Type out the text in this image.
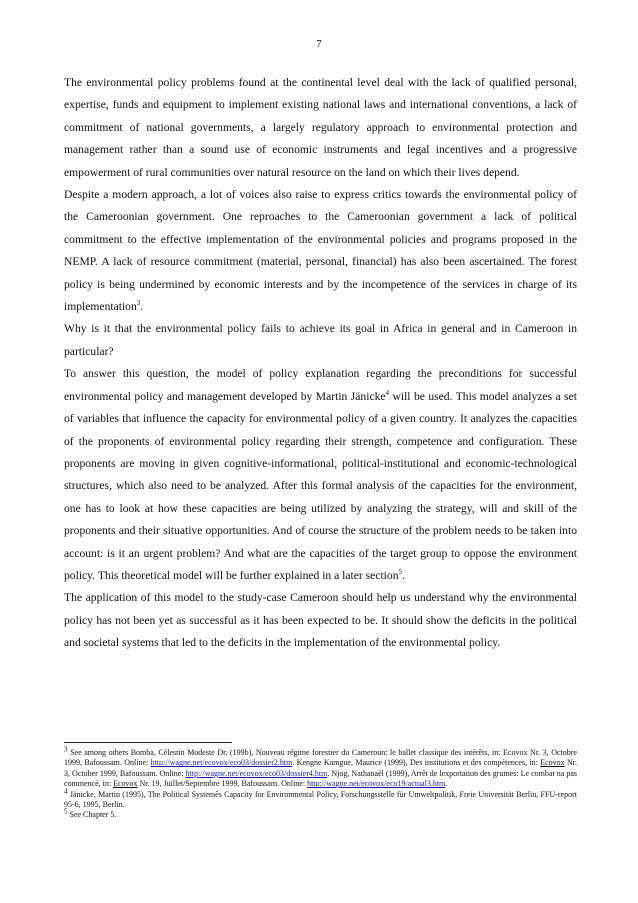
7

The environmental policy problems found at the continental level deal with the lack of qualified personal, expertise, funds and equipment to implement existing national laws and international conventions, a lack of commitment of national governments, a largely regulatory approach to environmental protection and management rather than a sound use of economic instruments and legal incentives and a progressive empowerment of rural communities over natural resource on the land on which their lives depend.

Despite a modern approach, a lot of voices also raise to express critics towards the environmental policy of the Cameroonian government. One reproaches to the Cameroonian government a lack of political commitment to the effective implementation of the environmental policies and programs proposed in the NEMP. A lack of resource commitment (material, personal, financial) has also been ascertained. The forest policy is being undermined by economic interests and by the incompetence of the services in charge of its implementation$^3$.

Why is it that the environmental policy fails to achieve its goal in Africa in general and in Cameroon in particular?

To answer this question, the model of policy explanation regarding the preconditions for successful environmental policy and management developed by Martin Jänicke$^4$ will be used. This model analyzes a set of variables that influence the capacity for environmental policy of a given country. It analyzes the capacities of the proponents of environmental policy regarding their strength, competence and configuration. These proponents are moving in given cognitive-informational, political-institutional and economic-technological structures, which also need to be analyzed. After this formal analysis of the capacities for the environment, one has to look at how these capacities are being utilized by analyzing the strategy, will and skill of the proponents and their situative opportunities. And of course the structure of the problem needs to be taken into account: is it an urgent problem? And what are the capacities of the target group to oppose the environment policy. This theoretical model will be further explained in a later section$^5$.

The application of this model to the study-case Cameroon should help us understand why the environmental policy has not been yet as successful as it has been expected to be. It should show the deficits in the political and societal systems that led to the deficits in the implementation of the environmental policy.

$^3$ See among others Bomba, Célestin Modeste Dr. (199b), Nouveau régime forestier du Cameroun: le ballet classique des intérêts, in: Ecovox Nr. 3, Octobre 1999, Bafoussam. Online: http://wagne.net/ecovox/eco03/dossier2.htm. Kengne Kamgue, Maurice (1999), Des institutions et des compétences, in: Ecovox Nr. 3, October 1999, Bafoussam. Online: http://wagne.net/ecovox/eco03/dossier4.htm. Njog, Nathanaël (1999), Arrêt de lexportation des grumes: Le combat na pas commencé, in: Ecovox Nr. 19, Juillet/Septembre 1999, Bafoussam. Online: http://wagne.net/ecovox/eco19/actual3.htm.

$^4$ Jänicke, Martin (1995), The Political Systemês Capacity for Environmental Policy, Forschungsstelle für Umweltpolitik, Freie Universität Berlin, FFU-report 95-6, 1995, Berlin.

$^5$ See Chapter 5.
